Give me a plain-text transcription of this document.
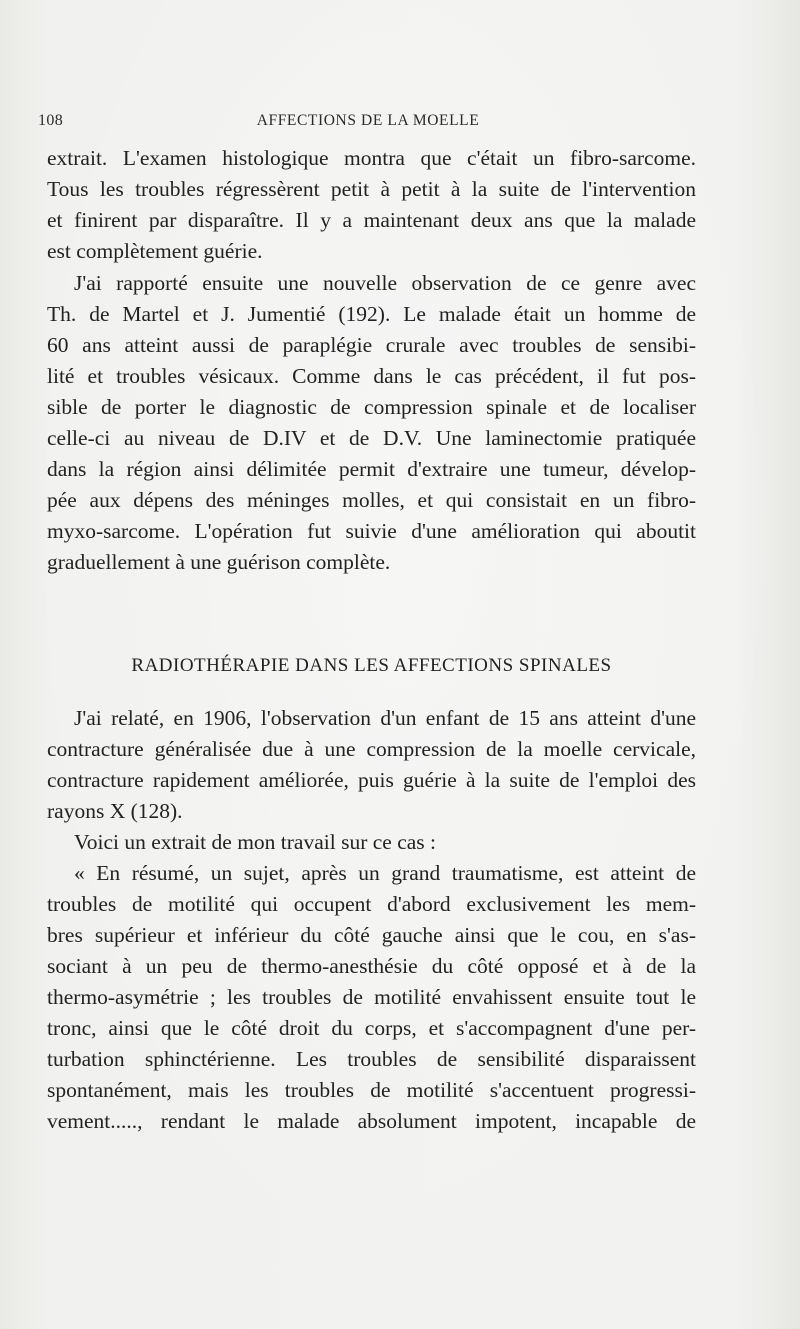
108	AFFECTIONS DE LA MOELLE
extrait. L'examen histologique montra que c'était un fibro-sarcome.
Tous les troubles régressèrent petit à petit à la suite de l'intervention
et finirent par disparaître. Il y a maintenant deux ans que la malade
est complètement guérie.
J'ai rapporté ensuite une nouvelle observation de ce genre avec
Th. de Martel et J. Jumentié (192). Le malade était un homme de
60 ans atteint aussi de paraplégie crurale avec troubles de sensibi-
lité et troubles vésicaux. Comme dans le cas précédent, il fut pos-
sible de porter le diagnostic de compression spinale et de localiser
celle-ci au niveau de D.IV et de D.V. Une laminectomie pratiquée
dans la région ainsi délimitée permit d'extraire une tumeur, dévelop-
pée aux dépens des méninges molles, et qui consistait en un fibro-
myxo-sarcome. L'opération fut suivie d'une amélioration qui aboutit
graduellement à une guérison complète.
RADIOTHÉRAPIE DANS LES AFFECTIONS SPINALES
J'ai relaté, en 1906, l'observation d'un enfant de 15 ans atteint d'une
contracture généralisée due à une compression de la moelle cervicale,
contracture rapidement améliorée, puis guérie à la suite de l'emploi des
rayons X (128).
Voici un extrait de mon travail sur ce cas :
« En résumé, un sujet, après un grand traumatisme, est atteint de
troubles de motilité qui occupent d'abord exclusivement les mem-
bres supérieur et inférieur du côté gauche ainsi que le cou, en s'as-
sociant à un peu de thermo-anesthésie du côté opposé et à de la
thermo-asymétrie ; les troubles de motilité envahissent ensuite tout le
tronc, ainsi que le côté droit du corps, et s'accompagnent d'une per-
turbation sphinctérienne. Les troubles de sensibilité disparaissent
spontanément, mais les troubles de motilité s'accentuent progressi-
vement....., rendant le malade absolument impotent, incapable de
